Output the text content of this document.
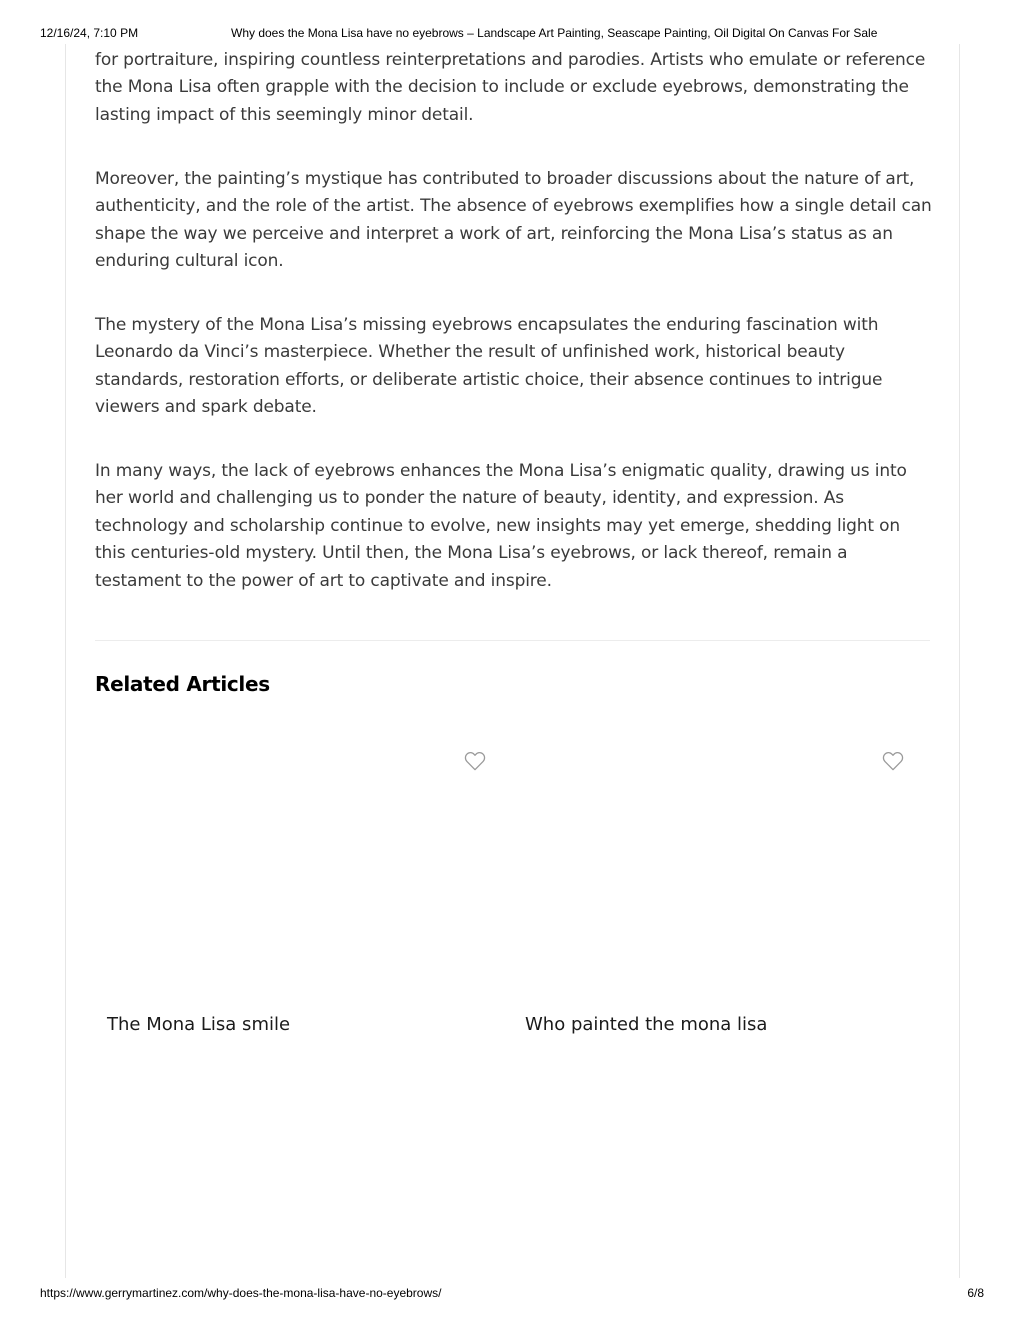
12/16/24, 7:10 PM	Why does the Mona Lisa have no eyebrows – Landscape Art Painting, Seascape Painting, Oil Digital On Canvas For Sale

for portraiture, inspiring countless reinterpretations and parodies. Artists who emulate or reference the Mona Lisa often grapple with the decision to include or exclude eyebrows, demonstrating the lasting impact of this seemingly minor detail.

Moreover, the painting’s mystique has contributed to broader discussions about the nature of art, authenticity, and the role of the artist. The absence of eyebrows exemplifies how a single detail can shape the way we perceive and interpret a work of art, reinforcing the Mona Lisa’s status as an enduring cultural icon.

The mystery of the Mona Lisa’s missing eyebrows encapsulates the enduring fascination with Leonardo da Vinci’s masterpiece. Whether the result of unfinished work, historical beauty standards, restoration efforts, or deliberate artistic choice, their absence continues to intrigue viewers and spark debate.

In many ways, the lack of eyebrows enhances the Mona Lisa’s enigmatic quality, drawing us into her world and challenging us to ponder the nature of beauty, identity, and expression. As technology and scholarship continue to evolve, new insights may yet emerge, shedding light on this centuries-old mystery. Until then, the Mona Lisa’s eyebrows, or lack thereof, remain a testament to the power of art to captivate and inspire.

Related Articles
The Mona Lisa smile	Who painted the mona lisa
https://www.gerrymartinez.com/why-does-the-mona-lisa-have-no-eyebrows/	6/8
